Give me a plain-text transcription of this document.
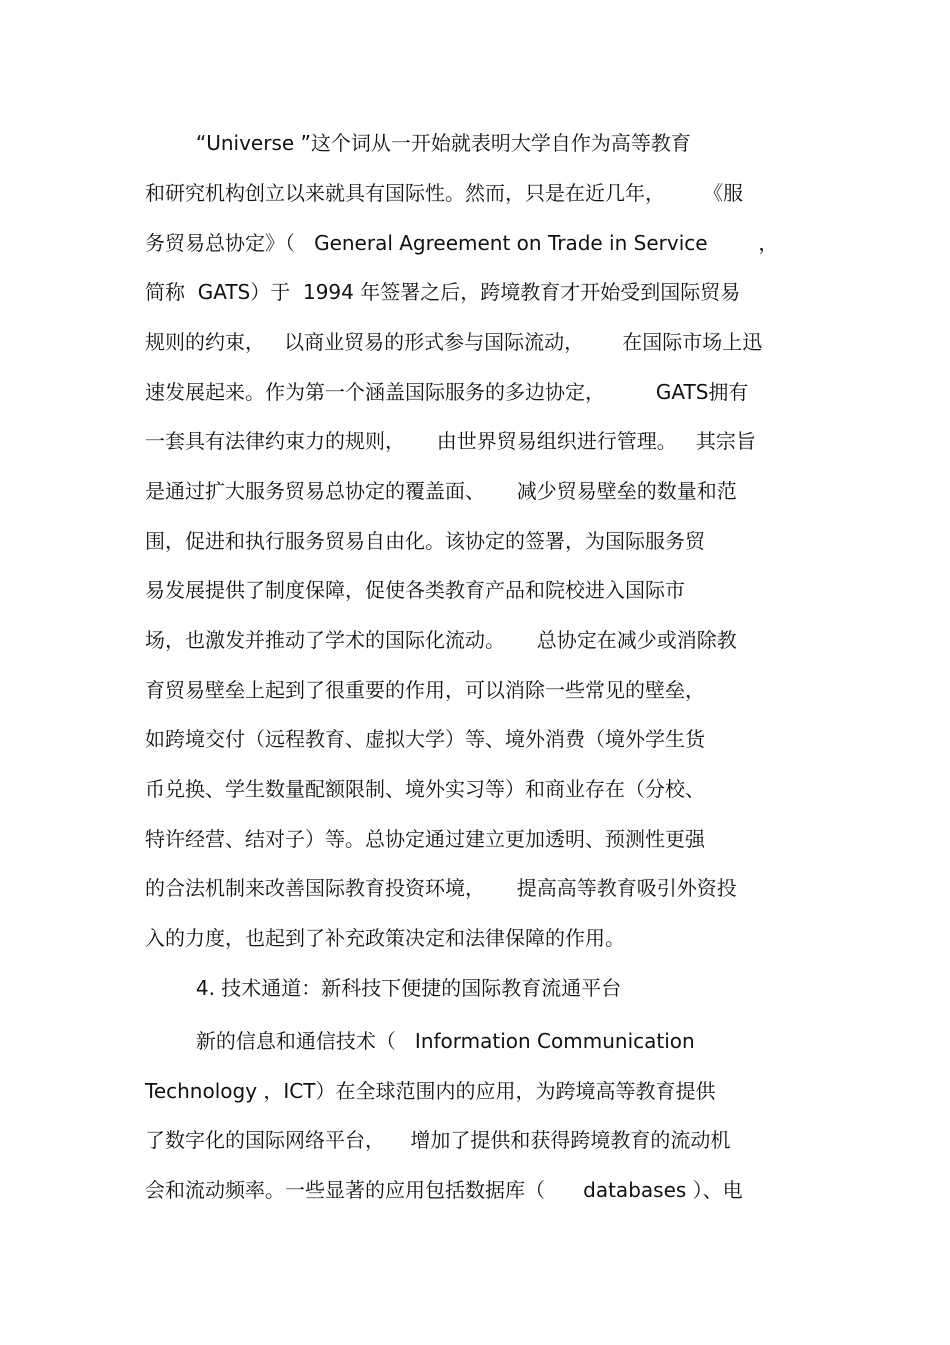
“Universe ”这个词从一开始就表明大学自作为高等教育
和研究机构创立以来就具有国际性。然而，只是在近几年，      《服
务贸易总协定》（   General Agreement on Trade in Service        ，
简称  GATS）于  1994 年签署之后，跨境教育才开始受到国际贸易
规则的约束，   以商业贸易的形式参与国际流动，      在国际市场上迅
速发展起来。作为第一个涵盖国际服务的多边协定，        GATS拥有
一套具有法律约束力的规则，     由世界贸易组织进行管理。   其宗旨
是通过扩大服务贸易总协定的覆盖面、     减少贸易壁垒的数量和范
围，促进和执行服务贸易自由化。该协定的签署，为国际服务贸
易发展提供了制度保障，促使各类教育产品和院校进入国际市
场，也激发并推动了学术的国际化流动。     总协定在减少或消除教
育贸易壁垒上起到了很重要的作用，可以消除一些常见的壁垒，
如跨境交付（远程教育、虚拟大学）等、境外消费（境外学生货
币兑换、学生数量配额限制、境外实习等）和商业存在（分校、
特许经营、结对子）等。总协定通过建立更加透明、预测性更强
的合法机制来改善国际教育投资环境，     提高高等教育吸引外资投
入的力度，也起到了补充政策决定和法律保障的作用。
4. 技术通道：新科技下便捷的国际教育流通平台
新的信息和通信技术（   Information Communication
Technology ，ICT）在全球范围内的应用，为跨境高等教育提供
了数字化的国际网络平台，    增加了提供和获得跨境教育的流动机
会和流动频率。一些显著的应用包括数据库（      databases ）、电
